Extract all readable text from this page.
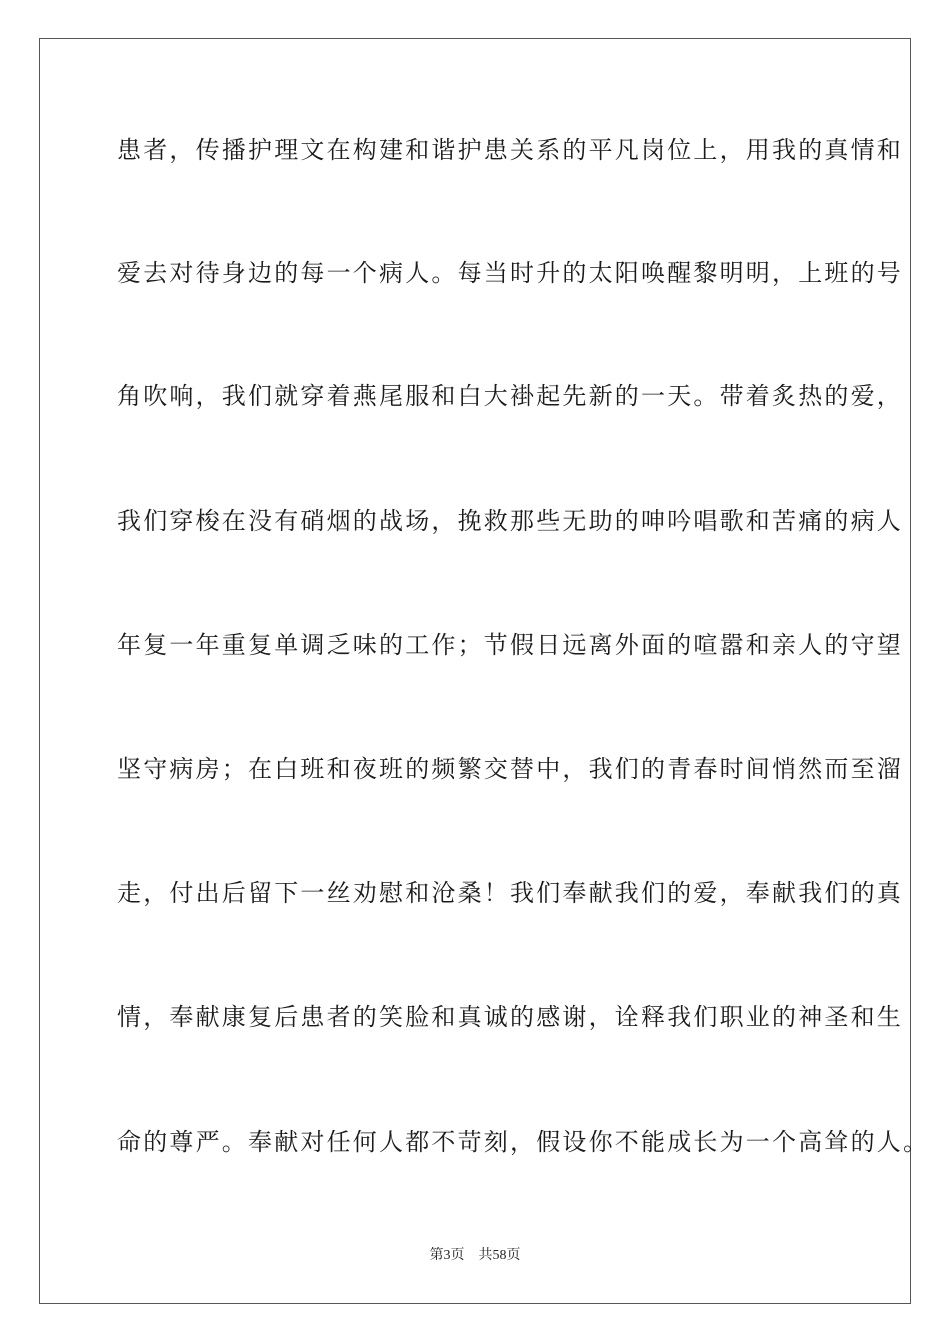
患者，传播护理文在构建和谐护患关系的平凡岗位上，用我的真情和
爱去对待身边的每一个病人。每当时升的太阳唤醒黎明明，上班的号
角吹响，我们就穿着燕尾服和白大褂起先新的一天。带着炙热的爱，
我们穿梭在没有硝烟的战场，挽救那些无助的呻吟唱歌和苦痛的病人
年复一年重复单调乏味的工作；节假日远离外面的喧嚣和亲人的守望
坚守病房；在白班和夜班的频繁交替中，我们的青春时间悄然而至溜
走，付出后留下一丝劝慰和沧桑！我们奉献我们的爱，奉献我们的真
情，奉献康复后患者的笑脸和真诚的感谢，诠释我们职业的神圣和生
命的尊严。奉献对任何人都不苛刻，假设你不能成长为一个高耸的人。
第3页 共58页
